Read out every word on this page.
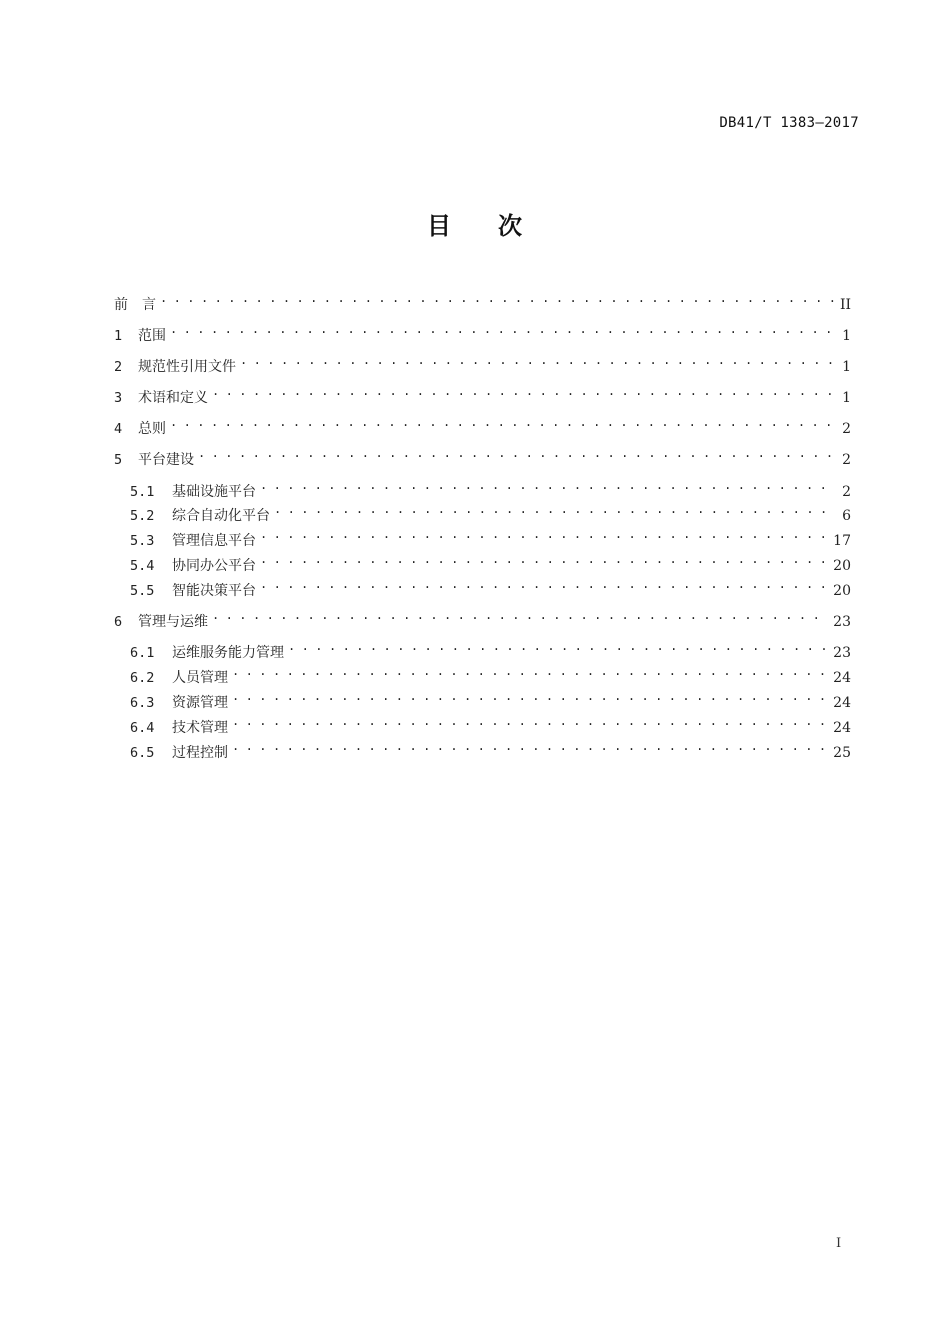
DB41/T 1383—2017
目 次
前　言 . . .	II
1	范围 . . .	1
2	规范性引用文件 . . .	1
3	术语和定义 . . .	1
4	总则 . . .	2
5	平台建设 . . .	2
5.1	基础设施平台 . . .	2
5.2	综合自动化平台 . . .	6
5.3	管理信息平台 . . .	17
5.4	协同办公平台 . . .	20
5.5	智能决策平台 . . .	20
6	管理与运维 . . .	23
6.1	运维服务能力管理 . . .	23
6.2	人员管理 . . .	24
6.3	资源管理 . . .	24
6.4	技术管理 . . .	24
6.5	过程控制 . . .	25
I
